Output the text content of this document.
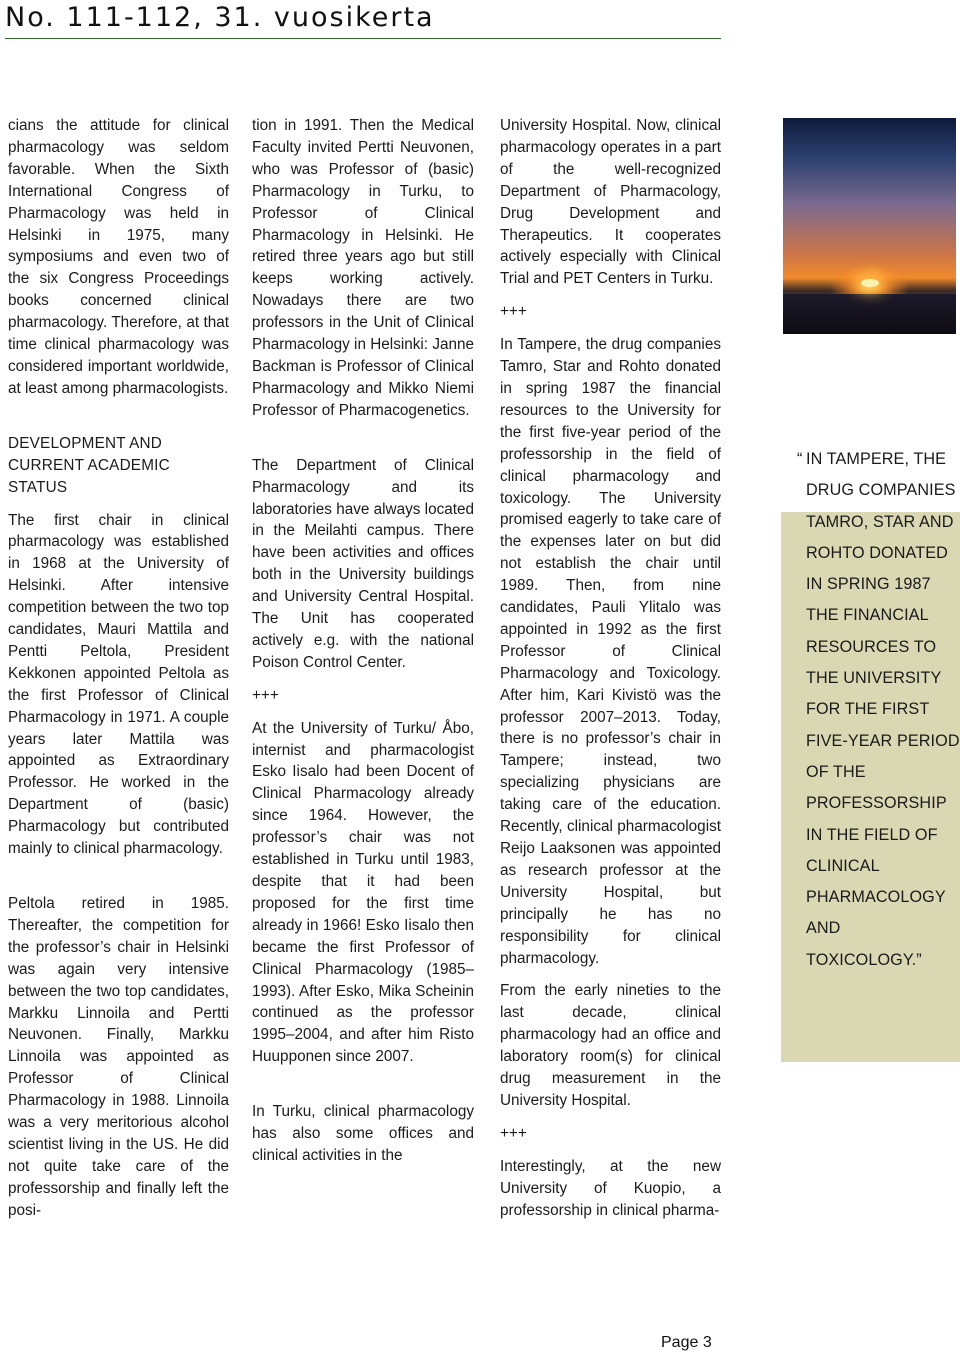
No. 111-112, 31. vuosikerta

cians the attitude for clinical pharmacology was seldom favorable. When the Sixth International Congress of Pharmacology was held in Helsinki in 1975, many symposiums and even two of the six Congress Proceedings books concerned clinical pharmacology. Therefore, at that time clinical pharmacology was considered important worldwide, at least among pharmacologists.

DEVELOPMENT AND CURRENT ACADEMIC STATUS

The first chair in clinical pharmacology was established in 1968 at the University of Helsinki. After intensive competition between the two top candidates, Mauri Mattila and Pentti Peltola, President Kekkonen appointed Peltola as the first Professor of Clinical Pharmacology in 1971. A couple years later Mattila was appointed as Extraordinary Professor. He worked in the Department of (basic) Pharmacology but contributed mainly to clinical pharmacology.

Peltola retired in 1985. Thereafter, the competition for the professor’s chair in Helsinki was again very intensive between the two top candidates, Markku Linnoila and Pertti Neuvonen. Finally, Markku Linnoila was appointed as Professor of Clinical Pharmacology in 1988. Linnoila was a very meritorious alcohol scientist living in the US. He did not quite take care of the professorship and finally left the posi-

tion in 1991. Then the Medical Faculty invited Pertti Neuvonen, who was Professor of (basic) Pharmacology in Turku, to Professor of Clinical Pharmacology in Helsinki. He retired three years ago but still keeps working actively. Nowadays there are two professors in the Unit of Clinical Pharmacology in Helsinki: Janne Backman is Professor of Clinical Pharmacology and Mikko Niemi Professor of Pharmacogenetics.

The Department of Clinical Pharmacology and its laboratories have always located in the Meilahti campus. There have been activities and offices both in the University buildings and University Central Hospital. The Unit has cooperated actively e.g. with the national Poison Control Center.

+++

At the University of Turku/ Åbo, internist and pharmacologist Esko Iisalo had been Docent of Clinical Pharmacology already since 1964. However, the professor’s chair was not established in Turku until 1983, despite that it had been proposed for the first time already in 1966! Esko Iisalo then became the first Professor of Clinical Pharmacology (1985–1993). After Esko, Mika Scheinin continued as the professor 1995–2004, and after him Risto Huupponen since 2007.

In Turku, clinical pharmacology has also some offices and clinical activities in the

University Hospital. Now, clinical pharmacology operates in a part of the well-recognized Department of Pharmacology, Drug Development and Therapeutics. It cooperates actively especially with Clinical Trial and PET Centers in Turku.

+++

In Tampere, the drug companies Tamro, Star and Rohto donated in spring 1987 the financial resources to the University for the first five-year period of the professorship in the field of clinical pharmacology and toxicology. The University promised eagerly to take care of the expenses later on but did not establish the chair until 1989. Then, from nine candidates, Pauli Ylitalo was appointed in 1992 as the first Professor of Clinical Pharmacology and Toxicology. After him, Kari Kivistö was the professor 2007–2013. Today, there is no professor’s chair in Tampere; instead, two specializing physicians are taking care of the education. Recently, clinical pharmacologist Reijo Laaksonen was appointed as research professor at the University Hospital, but principally he has no responsibility for clinical pharmacology.

From the early nineties to the last decade, clinical pharmacology had an office and laboratory room(s) for clinical drug measurement in the University Hospital.

+++

Interestingly, at the new University of Kuopio, a professorship in clinical pharma-

“ IN TAMPERE, THE DRUG COMPANIES TAMRO, STAR AND ROHTO DONATED IN SPRING 1987 THE FINANCIAL RESOURCES TO THE UNIVERSITY FOR THE FIRST FIVE-YEAR PERIOD OF THE PROFESSORSHIP IN THE FIELD OF CLINICAL PHARMACOLOGY AND TOXICOLOGY.”
Page 3
